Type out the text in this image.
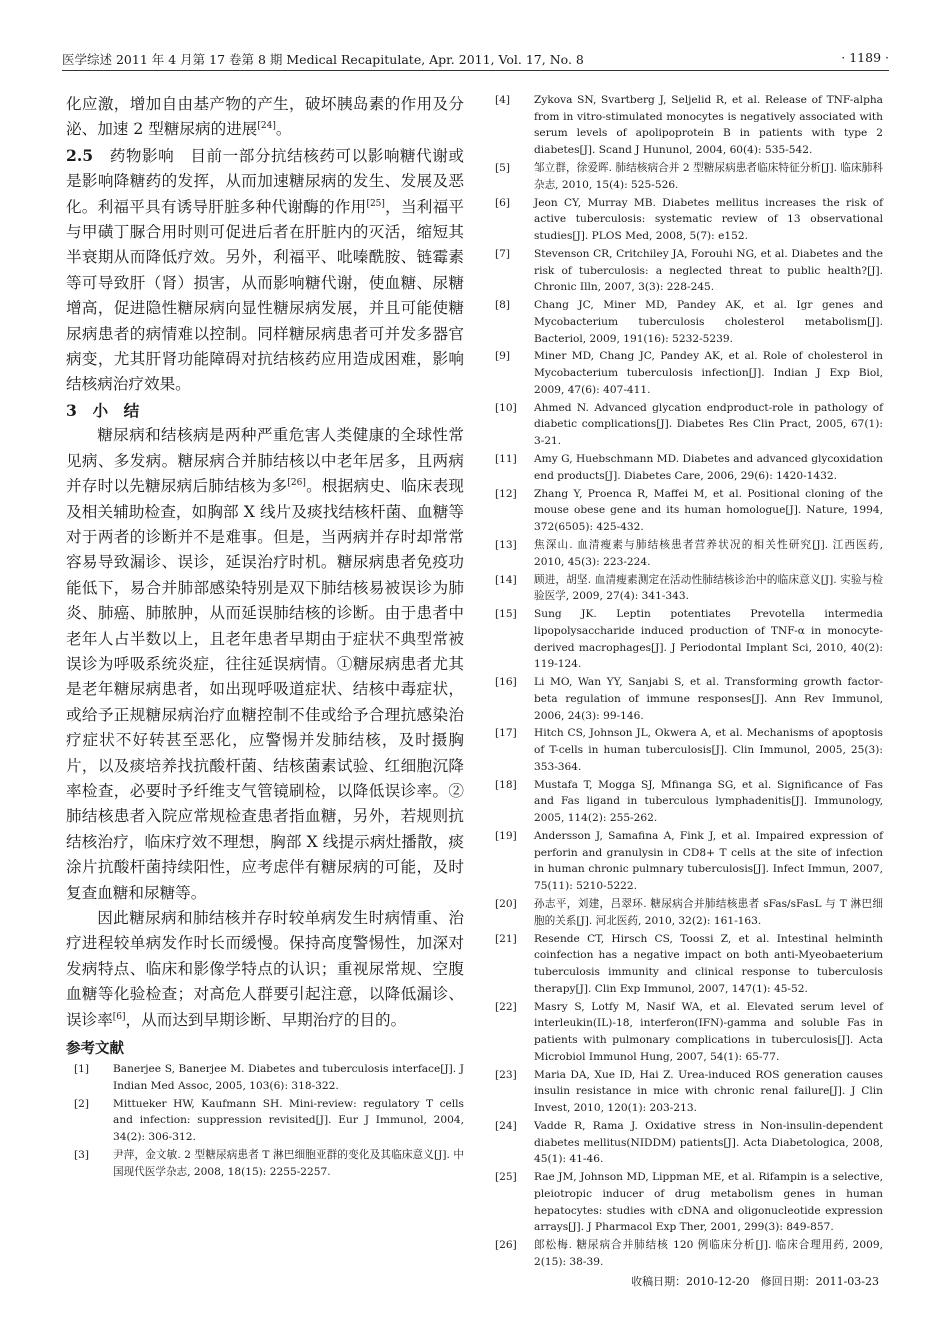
医学综述 2011 年 4 月第 17 卷第 8 期 Medical Recapitulate, Apr. 2011, Vol. 17, No. 8	· 1189 ·

化应激，增加自由基产物的产生，破坏胰岛素的作用及分泌、加速 2 型糖尿病的进展[24]。

2.5　 药物影响　 目前一部分抗结核药可以影响糖代谢或是影响降糖药的发挥，从而加速糖尿病的发生、发展及恶化。利福平具有诱导肝脏多种代谢酶的作用[25]，当利福平与甲磺丁脲合用时则可促进后者在肝脏内的灭活，缩短其半衰期从而降低疗效。另外，利福平、吡嗪酰胺、链霉素等可导致肝（肾）损害，从而影响糖代谢，使血糖、尿糖增高，促进隐性糖尿病向显性糖尿病发展，并且可能使糖尿病患者的病情难以控制。同样糖尿病患者可并发多器官病变，尤其肝肾功能障碍对抗结核药应用造成困难，影响结核病治疗效果。

3　小　结

糖尿病和结核病是两种严重危害人类健康的全球性常见病、多发病。糖尿病合并肺结核以中老年居多，且两病并存时以先糖尿病后肺结核为多[26]。根据病史、临床表现及相关辅助检查，如胸部 X 线片及痰找结核杆菌、血糖等对于两者的诊断并不是难事。但是，当两病并存时却常常容易导致漏诊、误诊，延误治疗时机。糖尿病患者免疫功能低下，易合并肺部感染特别是双下肺结核易被误诊为肺炎、肺癌、肺脓肿，从而延误肺结核的诊断。由于患者中老年人占半数以上，且老年患者早期由于症状不典型常被误诊为呼吸系统炎症，往往延误病情。①糖尿病患者尤其是老年糖尿病患者，如出现呼吸道症状、结核中毒症状，或给予正规糖尿病治疗血糖控制不佳或给予合理抗感染治疗症状不好转甚至恶化，应警惕并发肺结核，及时摄胸片，以及痰培养找抗酸杆菌、结核菌素试验、红细胞沉降率检查，必要时予纤维支气管镜刷检，以降低误诊率。②肺结核患者入院应常规检查患者指血糖，另外，若规则抗结核治疗，临床疗效不理想，胸部 X 线提示病灶播散，痰涂片抗酸杆菌持续阳性，应考虑伴有糖尿病的可能，及时复查血糖和尿糖等。

因此糖尿病和肺结核并存时较单病发生时病情重、治疗进程较单病发作时长而缓慢。保持高度警惕性，加深对发病特点、临床和影像学特点的认识；重视尿常规、空腹血糖等化验检查；对高危人群要引起注意，以降低漏诊、误诊率[6]，从而达到早期诊断、早期治疗的目的。

参考文献
[1] Banerjee S, Banerjee M. Diabetes and tuberculosis interface[J]. J Indian Med Assoc, 2005, 103(6): 318-322.
[2] Mittueker HW, Kaufmann SH. Mini-review: regulatory T cells and infection: suppression revisited[J]. Eur J Immunol, 2004, 34(2): 306-312.
[3] 尹萍，金文敏. 2 型糖尿病患者 T 淋巴细胞亚群的变化及其临床意义[J]. 中国现代医学杂志, 2008, 18(15): 2255-2257.
[4] Zykova SN, Svartberg J, Seljelid R, et al. Release of TNF-alpha from in vitro-stimulated monocytes is negatively associated with serum levels of apolipoprotein B in patients with type 2 diabetes[J]. Scand J Hununol, 2004, 60(4): 535-542.
[5] 邹立群，徐爱晖. 肺结核病合并 2 型糖尿病患者临床特征分析[J]. 临床肺科杂志, 2010, 15(4): 525-526.
[6] Jeon CY, Murray MB. Diabetes mellitus increases the risk of active tuberculosis: systematic review of 13 observational studies[J]. PLOS Med, 2008, 5(7): e152.
[7] Stevenson CR, Critchiley JA, Forouhi NG, et al. Diabetes and the risk of tuberculosis: a neglected threat to public health?[J]. Chronic Illn, 2007, 3(3): 228-245.
[8] Chang JC, Miner MD, Pandey AK, et al. Igr genes and Mycobacterium tuberculosis cholesterol metabolism[J]. Bacteriol, 2009, 191(16): 5232-5239.
[9] Miner MD, Chang JC, Pandey AK, et al. Role of cholesterol in Mycobacterium tuberculosis infection[J]. Indian J Exp Biol, 2009, 47(6): 407-411.
[10] Ahmed N. Advanced glycation endproduct-role in pathology of diabetic complications[J]. Diabetes Res Clin Pract, 2005, 67(1): 3-21.
[11] Amy G, Huebschmann MD. Diabetes and advanced glycoxidation end products[J]. Diabetes Care, 2006, 29(6): 1420-1432.
[12] Zhang Y, Proenca R, Maffei M, et al. Positional cloning of the mouse obese gene and its human homologue[J]. Nature, 1994, 372(6505): 425-432.
[13] 焦深山. 血清瘦素与肺结核患者营养状况的相关性研究[J]. 江西医药, 2010, 45(3): 223-224.
[14] 顾进，胡坚. 血清瘦素测定在活动性肺结核诊治中的临床意义[J]. 实验与检验医学, 2009, 27(4): 341-343.
[15] Sung JK. Leptin potentiates Prevotella intermedia lipopolysaccharide induced production of TNF-α in monocyte-derived macrophages[J]. J Periodontal Implant Sci, 2010, 40(2): 119-124.
[16] Li MO, Wan YY, Sanjabi S, et al. Transforming growth factor-beta regulation of immune responses[J]. Ann Rev Immunol, 2006, 24(3): 99-146.
[17] Hitch CS, Johnson JL, Okwera A, et al. Mechanisms of apoptosis of T-cells in human tuberculosis[J]. Clin Immunol, 2005, 25(3): 353-364.
[18] Mustafa T, Mogga SJ, Mfinanga SG, et al. Significance of Fas and Fas ligand in tuberculous lymphadenitis[J]. Immunology, 2005, 114(2): 255-262.
[19] Andersson J, Samafina A, Fink J, et al. Impaired expression of perforin and granulysin in CD8+ T cells at the site of infection in human chronic pulmnary tuberculosis[J]. Infect Immun, 2007, 75(11): 5210-5222.
[20] 孙志平，刘建，吕翠环. 糖尿病合并肺结核患者 sFas/sFasL 与 T 淋巴细胞的关系[J]. 河北医药, 2010, 32(2): 161-163.
[21] Resende CT, Hirsch CS, Toossi Z, et al. Intestinal helminth coinfection has a negative impact on both anti-Myeobaeterium tuberculosis immunity and clinical response to tuberculosis therapy[J]. Clin Exp Immunol, 2007, 147(1): 45-52.
[22] Masry S, Lotfy M, Nasif WA, et al. Elevated serum level of interleukin(IL)-18, interferon(IFN)-gamma and soluble Fas in patients with pulmonary complications in tuberculosis[J]. Acta Microbiol Immunol Hung, 2007, 54(1): 65-77.
[23] Maria DA, Xue ID, Hai Z. Urea-induced ROS generation causes insulin resistance in mice with chronic renal failure[J]. J Clin Invest, 2010, 120(1): 203-213.
[24] Vadde R, Rama J. Oxidative stress in Non-insulin-dependent diabetes mellitus(NIDDM) patients[J]. Acta Diabetologica, 2008, 45(1): 41-46.
[25] Rae JM, Johnson MD, Lippman ME, et al. Rifampin is a selective, pleiotropic inducer of drug metabolism genes in human hepatocytes: studies with cDNA and oligonucleotide expression arrays[J]. J Pharmacol Exp Ther, 2001, 299(3): 849-857.
[26] 郎松梅. 糖尿病合并肺结核 120 例临床分析[J]. 临床合理用药, 2009, 2(15): 38-39.
收稿日期：2010-12-20　修回日期：2011-03-23
